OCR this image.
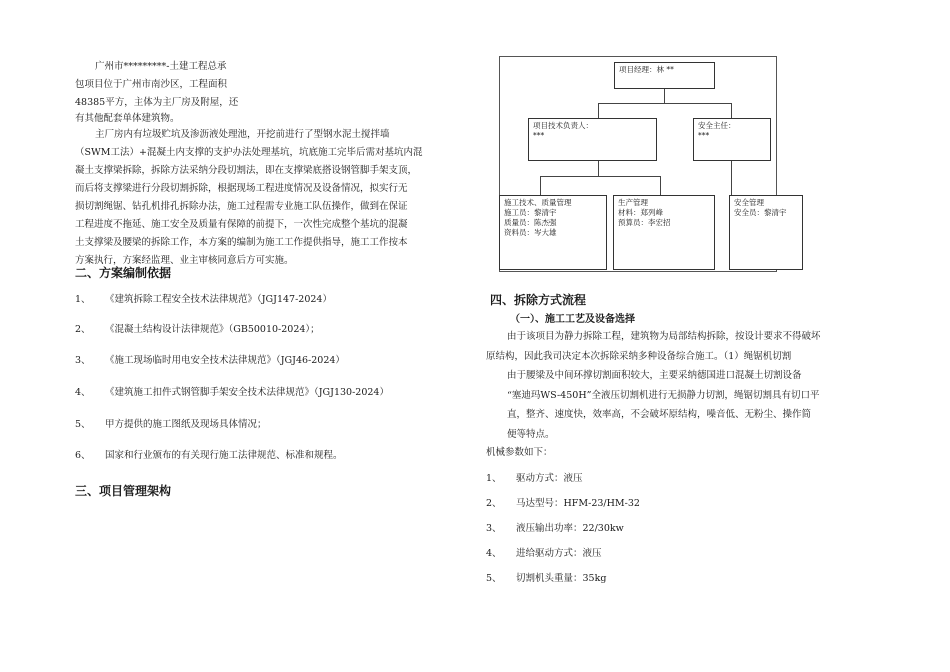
广州市*********-土建工程总承
包项目位于广州市南沙区，工程面积
48385平方，主体为主厂房及附屋，还
有其他配套单体建筑物。
主厂房内有垃圾贮坑及渗沥液处理池，开挖前进行了型钢水泥土搅拌墙
（SWM工法）+混凝土内支撑的支护办法处理基坑，坑底施工完毕后需对基坑内混
凝土支撑梁拆除，拆除方法采纳分段切割法，即在支撑梁底搭设钢管脚手架支顶，
而后将支撑梁进行分段切割拆除，根据现场工程进度情况及设备情况，拟实行无
损切割绳锯、钻孔机排孔拆除办法，施工过程需专业施工队伍操作，做到在保证
工程进度不拖延、施工安全及质量有保障的前提下，一次性完成整个基坑的混凝
土支撑梁及腰梁的拆除工作，本方案的编制为施工工作提供指导，施工工作按本
方案执行，方案经监理、业主审核同意后方可实施。
二、方案编制依据
1、 《建筑拆除工程安全技术法律规范》（JGJ147-2024）
2、 《混凝土结构设计法律规范》（GB50010-2024）；
3、 《施工现场临时用电安全技术法律规范》（JGJ46-2024）
4、 《建筑施工扣件式钢管脚手架安全技术法律规范》（JGJ130-2024）
5、 甲方提供的施工图纸及现场具体情况；
6、 国家和行业颁布的有关现行施工法律规范、标准和规程。
三、项目管理架构
项目经理：林 **
项目技术负责人：
***
安全主任：
***
施工技术、质量管理
施工员：黎清宇
质量员：陈杰强
资料员：岑大雄
生产管理
材料：郑列峰
预算员：李宏招
安全管理
安全员：黎清宇
四、拆除方式流程
（一）、施工工艺及设备选择
由于该项目为静力拆除工程，建筑物为局部结构拆除，按设计要求不得破坏
原结构，因此我司决定本次拆除采纳多种设备综合施工。（1）绳锯机切割
由于腰梁及中间环撑切割面积较大，主要采纳德国进口混凝土切割设备
“塞迪玛WS-450H”全液压切割机进行无损静力切割，绳锯切割具有切口平
直，整齐、速度快，效率高，不会破坏原结构，噪音低、无粉尘、操作简
便等特点。
机械参数如下：
1、 驱动方式：液压
2、 马达型号：HFM-23/HM-32
3、 液压输出功率：22/30kw
4、 进给驱动方式：液压
5、 切割机头重量：35kg
